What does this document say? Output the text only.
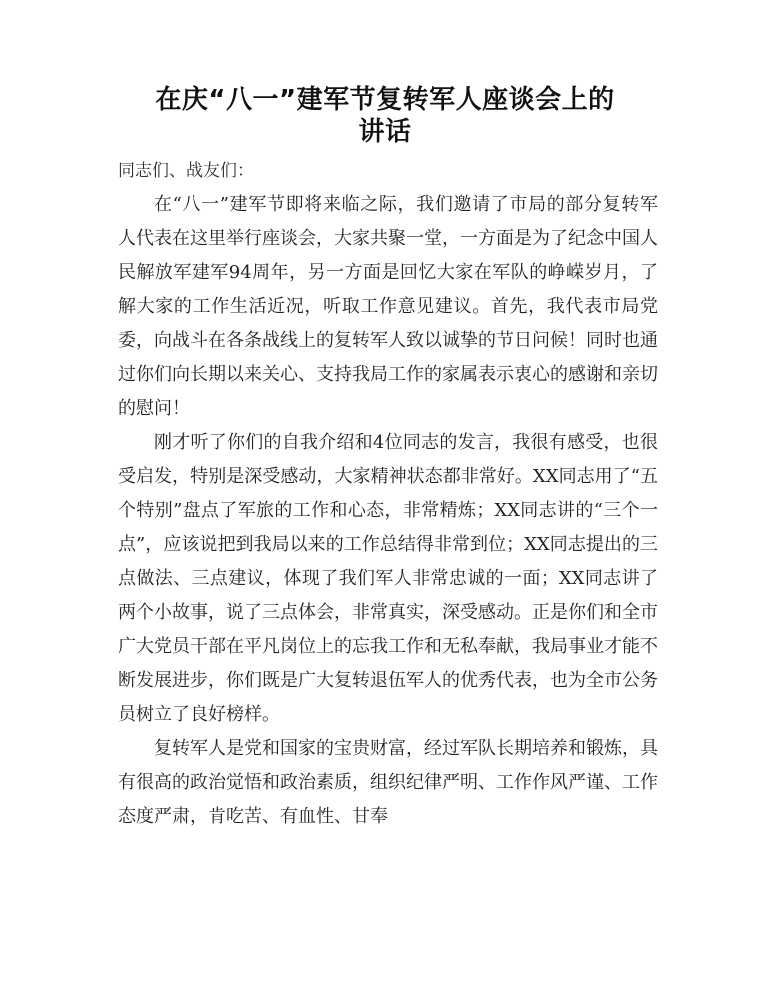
在庆“八一”建军节复转军人座谈会上的
讲话

同志们、战友们：

在“八一”建军节即将来临之际，我们邀请了市局的部分复转军人代表在这里举行座谈会，大家共聚一堂，一方面是为了纪念中国人民解放军建军94周年，另一方面是回忆大家在军队的峥嵘岁月，了解大家的工作生活近况，听取工作意见建议。首先，我代表市局党委，向战斗在各条战线上的复转军人致以诚挚的节日问候！同时也通过你们向长期以来关心、支持我局工作的家属表示衷心的感谢和亲切的慰问！

刚才听了你们的自我介绍和4位同志的发言，我很有感受，也很受启发，特别是深受感动，大家精神状态都非常好。XX同志用了“五个特别”盘点了军旅的工作和心态，非常精炼；XX同志讲的“三个一点”，应该说把到我局以来的工作总结得非常到位；XX同志提出的三点做法、三点建议，体现了我们军人非常忠诚的一面；XX同志讲了两个小故事，说了三点体会，非常真实，深受感动。正是你们和全市广大党员干部在平凡岗位上的忘我工作和无私奉献，我局事业才能不断发展进步，你们既是广大复转退伍军人的优秀代表，也为全市公务员树立了良好榜样。

复转军人是党和国家的宝贵财富，经过军队长期培养和锻炼，具有很高的政治觉悟和政治素质，组织纪律严明、工作作风严谨、工作态度严肃，肯吃苦、有血性、甘奉
